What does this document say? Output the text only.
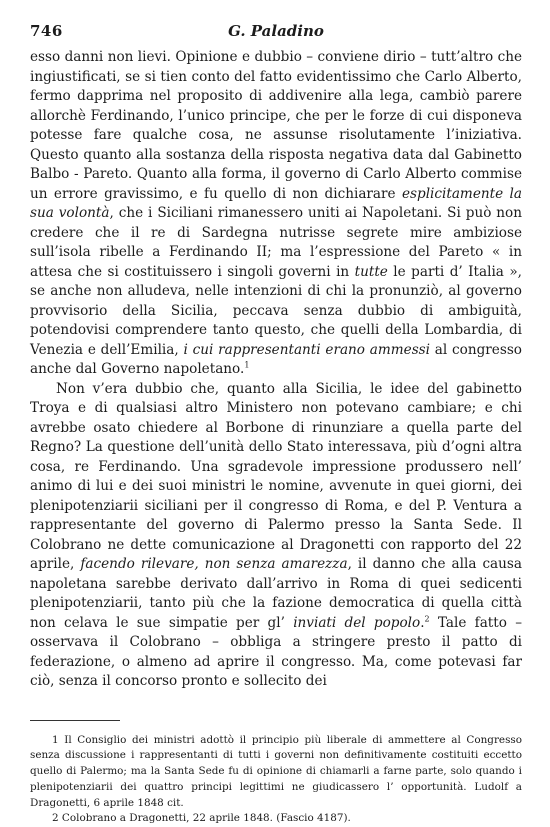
746	G. Paladino

esso danni non lievi. Opinione e dubbio – conviene dirio – tutt’altro che ingiustificati, se si tien conto del fatto evidentissimo che Carlo Alberto, fermo dapprima nel proposito di addivenire alla lega, cambiò parere allorchè Ferdinando, l’unico principe, che per le forze di cui disponeva potesse fare qualche cosa, ne assunse risolutamente l’iniziativa. Questo quanto alla sostanza della risposta negativa data dal Gabinetto Balbo - Pareto. Quanto alla forma, il governo di Carlo Alberto commise un errore gravissimo, e fu quello di non dichiarare esplicitamente la sua volontà, che i Siciliani rimanessero uniti ai Napoletani. Si può non credere che il re di Sardegna nutrisse segrete mire ambiziose sull’isola ribelle a Ferdinando II; ma l’espressione del Pareto « in attesa che si costituissero i singoli governi in tutte le parti d’ Italia », se anche non alludeva, nelle intenzioni di chi la pronunziò, al governo provvisorio della Sicilia, peccava senza dubbio di ambiguità, potendovisi comprendere tanto questo, che quelli della Lombardia, di Venezia e dell’Emilia, i cui rappresentanti erano ammessi al congresso anche dal Governo napoletano.$^1$

Non v’era dubbio che, quanto alla Sicilia, le idee del gabinetto Troya e di qualsiasi altro Ministero non potevano cambiare; e chi avrebbe osato chiedere al Borbone di rinunziare a quella parte del Regno? La questione dell’unità dello Stato interessava, più d’ogni altra cosa, re Ferdinando. Una sgradevole impressione produssero nell’ animo di lui e dei suoi ministri le nomine, avvenute in quei giorni, dei plenipotenziarii siciliani per il congresso di Roma, e del P. Ventura a rappresentante del governo di Palermo presso la Santa Sede. Il Colobrano ne dette comunicazione al Dragonetti con rapporto del 22 aprile, facendo rilevare, non senza amarezza, il danno che alla causa napoletana sarebbe derivato dall’arrivo in Roma di quei sedicenti plenipotenziarii, tanto più che la fazione democratica di quella città non celava le sue simpatie per gl’ inviati del popolo.$^2$ Tale fatto – osservava il Colobrano – obbliga a stringere presto il patto di federazione, o almeno ad aprire il congresso. Ma, come potevasi far ciò, senza il concorso pronto e sollecito dei

1 Il Consiglio dei ministri adottò il principio più liberale di ammettere al Congresso senza discussione i rappresentanti di tutti i governi non definitivamente costituiti eccetto quello di Palermo; ma la Santa Sede fu di opinione di chiamarli a farne parte, solo quando i plenipotenziarii dei quattro principi legittimi ne giudicassero l’ opportunità. Ludolf a Dragonetti, 6 aprile 1848 cit.

2 Colobrano a Dragonetti, 22 aprile 1848. (Fascio 4187).
